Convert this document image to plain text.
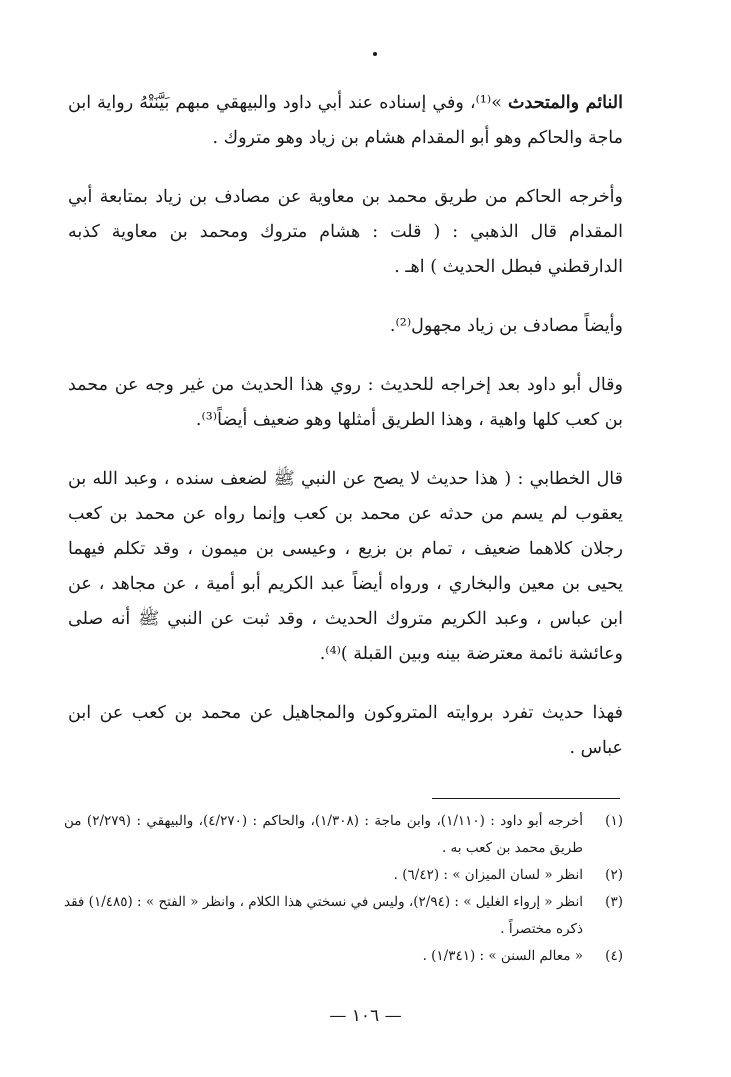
النائم والمتحدث »⁽¹⁾، وفي إسناده عند أبي داود والبيهقي مبهم بَيَّنَتْهُ رواية ابن ماجة والحاكم وهو أبو المقدام هشام بن زياد وهو متروك .

وأخرجه الحاكم من طريق محمد بن معاوية عن مصادف بن زياد بمتابعة أبي المقدام قال الذهبي : ( قلت : هشام متروك ومحمد بن معاوية كذبه الدارقطني فبطل الحديث ) اهـ .

وأيضاً مصادف بن زياد مجهول⁽²⁾.

وقال أبو داود بعد إخراجه للحديث : روي هذا الحديث من غير وجه عن محمد بن كعب كلها واهية ، وهذا الطريق أمثلها وهو ضعيف أيضاً⁽³⁾.

قال الخطابي : ( هذا حديث لا يصح عن النبي ﷺ لضعف سنده ، وعبد الله بن يعقوب لم يسم من حدثه عن محمد بن كعب وإنما رواه عن محمد بن كعب رجلان كلاهما ضعيف ، تمام بن بزيع ، وعيسى بن ميمون ، وقد تكلم فيهما يحيى بن معين والبخاري ، ورواه أيضاً عبد الكريم أبو أمية ، عن مجاهد ، عن ابن عباس ، وعبد الكريم متروك الحديث ، وقد ثبت عن النبي ﷺ أنه صلى وعائشة نائمة معترضة بينه وبين القبلة )⁽⁴⁾.

فهذا حديث تفرد بروايته المتروكون والمجاهيل عن محمد بن كعب عن ابن عباس .

(١)
أخرجه أبو داود : (١/١١٠)، وابن ماجة : (١/٣٠٨)، والحاكم : (٤/٢٧٠)، والبيهقي : (٢/٢٧٩) من طريق محمد بن كعب به .
(٢)
انظر « لسان الميزان » : (٦/٤٢) .
(٣)
انظر « إرواء الغليل » : (٢/٩٤)، وليس في نسختي هذا الكلام ، وانظر « الفتح » : (١/٤٨٥) فقد ذكره مختصراً .
(٤)
« معالم السنن » : (١/٣٤١) .
— ١٠٦ —
